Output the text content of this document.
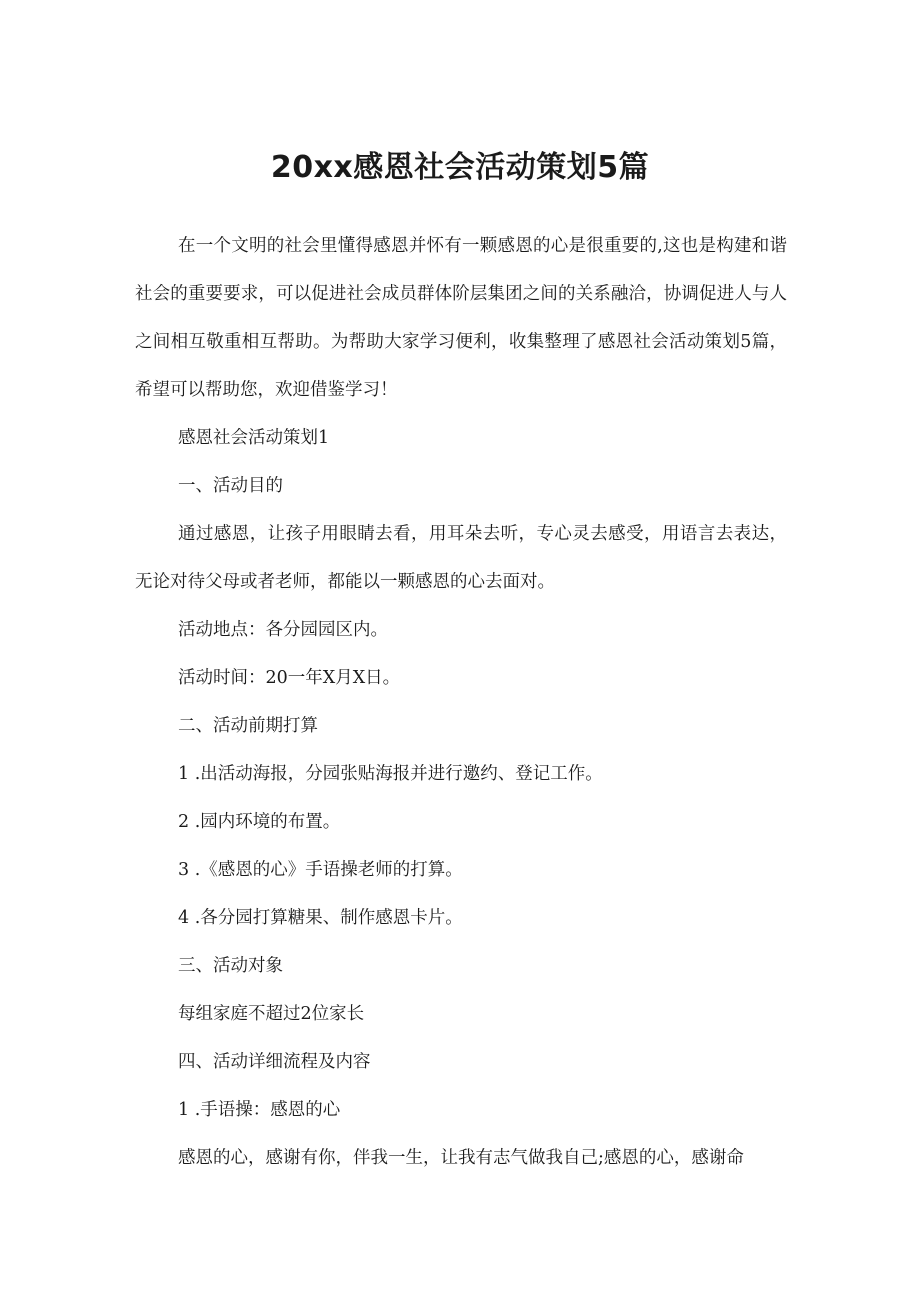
20xx感恩社会活动策划5篇

在一个文明的社会里懂得感恩并怀有一颗感恩的心是很重要的,这也是构建和谐社会的重要要求，可以促进社会成员群体阶层集团之间的关系融洽，协调促进人与人之间相互敬重相互帮助。为帮助大家学习便利，收集整理了感恩社会活动策划5篇，希望可以帮助您，欢迎借鉴学习！

感恩社会活动策划1

一、活动目的

通过感恩，让孩子用眼睛去看，用耳朵去听，专心灵去感受，用语言去表达，无论对待父母或者老师，都能以一颗感恩的心去面对。

活动地点：各分园园区内。

活动时间：20一年X月X日。

二、活动前期打算

1 .出活动海报，分园张贴海报并进行邀约、登记工作。

2 .园内环境的布置。

3 .《感恩的心》手语操老师的打算。

4 .各分园打算糖果、制作感恩卡片。

三、活动对象

每组家庭不超过2位家长

四、活动详细流程及内容

1 .手语操：感恩的心

感恩的心，感谢有你，伴我一生，让我有志气做我自己;感恩的心，感谢命
